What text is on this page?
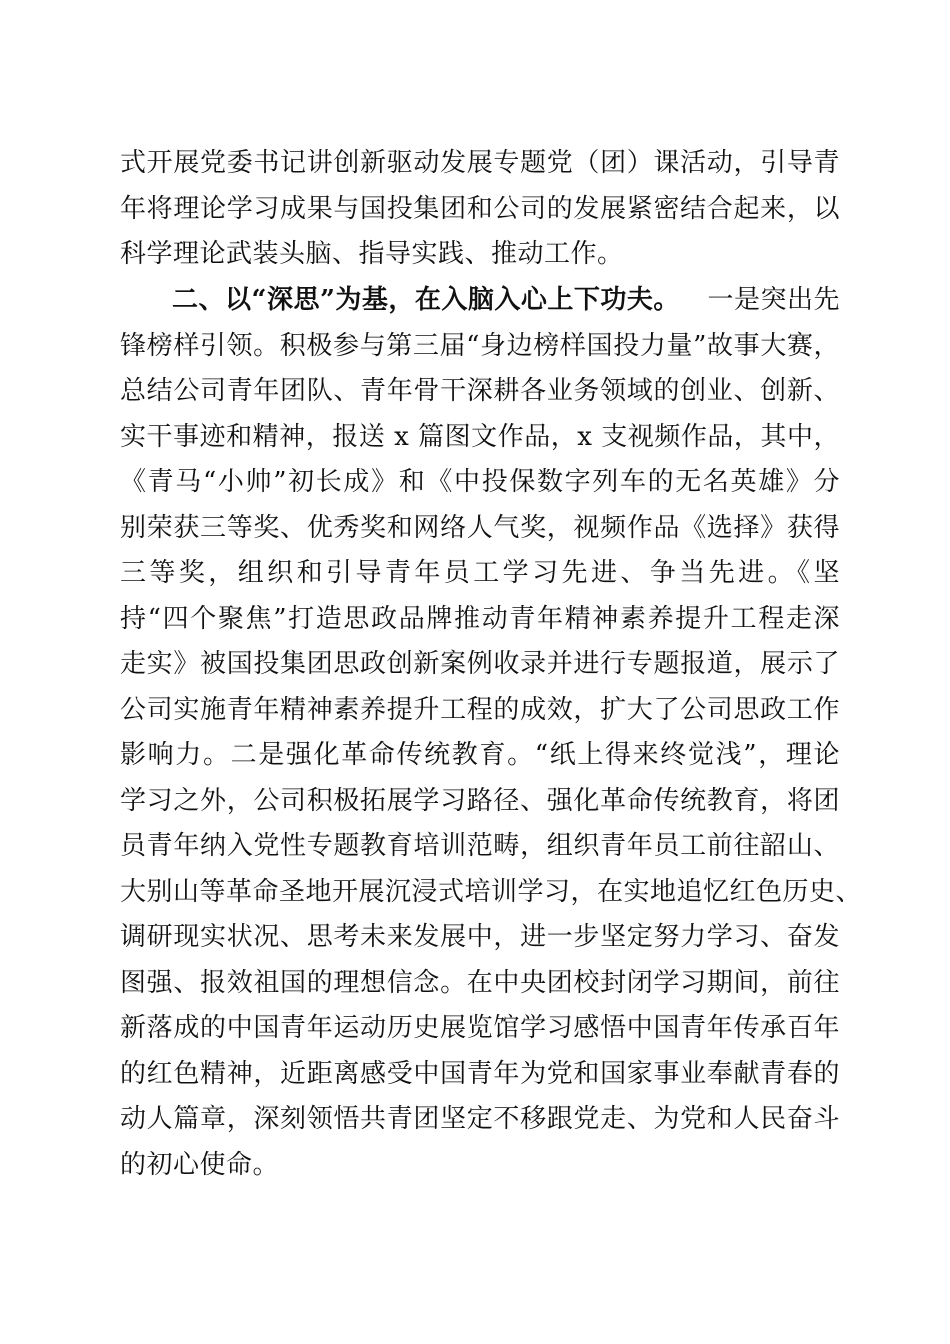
式开展党委书记讲创新驱动发展专题党（团）课活动，引导青
年将理论学习成果与国投集团和公司的发展紧密结合起来，以
科学理论武装头脑、指导实践、推动工作。
二、以“深思”为基，在入脑入心上下功夫。 一是突出先
锋榜样引领。积极参与第三届“身边榜样国投力量”故事大赛，
总结公司青年团队、青年骨干深耕各业务领域的创业、创新、
实干事迹和精神，报送 x 篇图文作品，x 支视频作品，其中，
《青马“小帅”初长成》和《中投保数字列车的无名英雄》分
别荣获三等奖、优秀奖和网络人气奖，视频作品《选择》获得
三等奖，组织和引导青年员工学习先进、争当先进。《坚
持“四个聚焦”打造思政品牌推动青年精神素养提升工程走深
走实》被国投集团思政创新案例收录并进行专题报道，展示了
公司实施青年精神素养提升工程的成效，扩大了公司思政工作
影响力。二是强化革命传统教育。“纸上得来终觉浅”，理论
学习之外，公司积极拓展学习路径、强化革命传统教育，将团
员青年纳入党性专题教育培训范畴，组织青年员工前往韶山、
大别山等革命圣地开展沉浸式培训学习，在实地追忆红色历史、
调研现实状况、思考未来发展中，进一步坚定努力学习、奋发
图强、报效祖国的理想信念。在中央团校封闭学习期间，前往
新落成的中国青年运动历史展览馆学习感悟中国青年传承百年
的红色精神，近距离感受中国青年为党和国家事业奉献青春的
动人篇章，深刻领悟共青团坚定不移跟党走、为党和人民奋斗
的初心使命。
